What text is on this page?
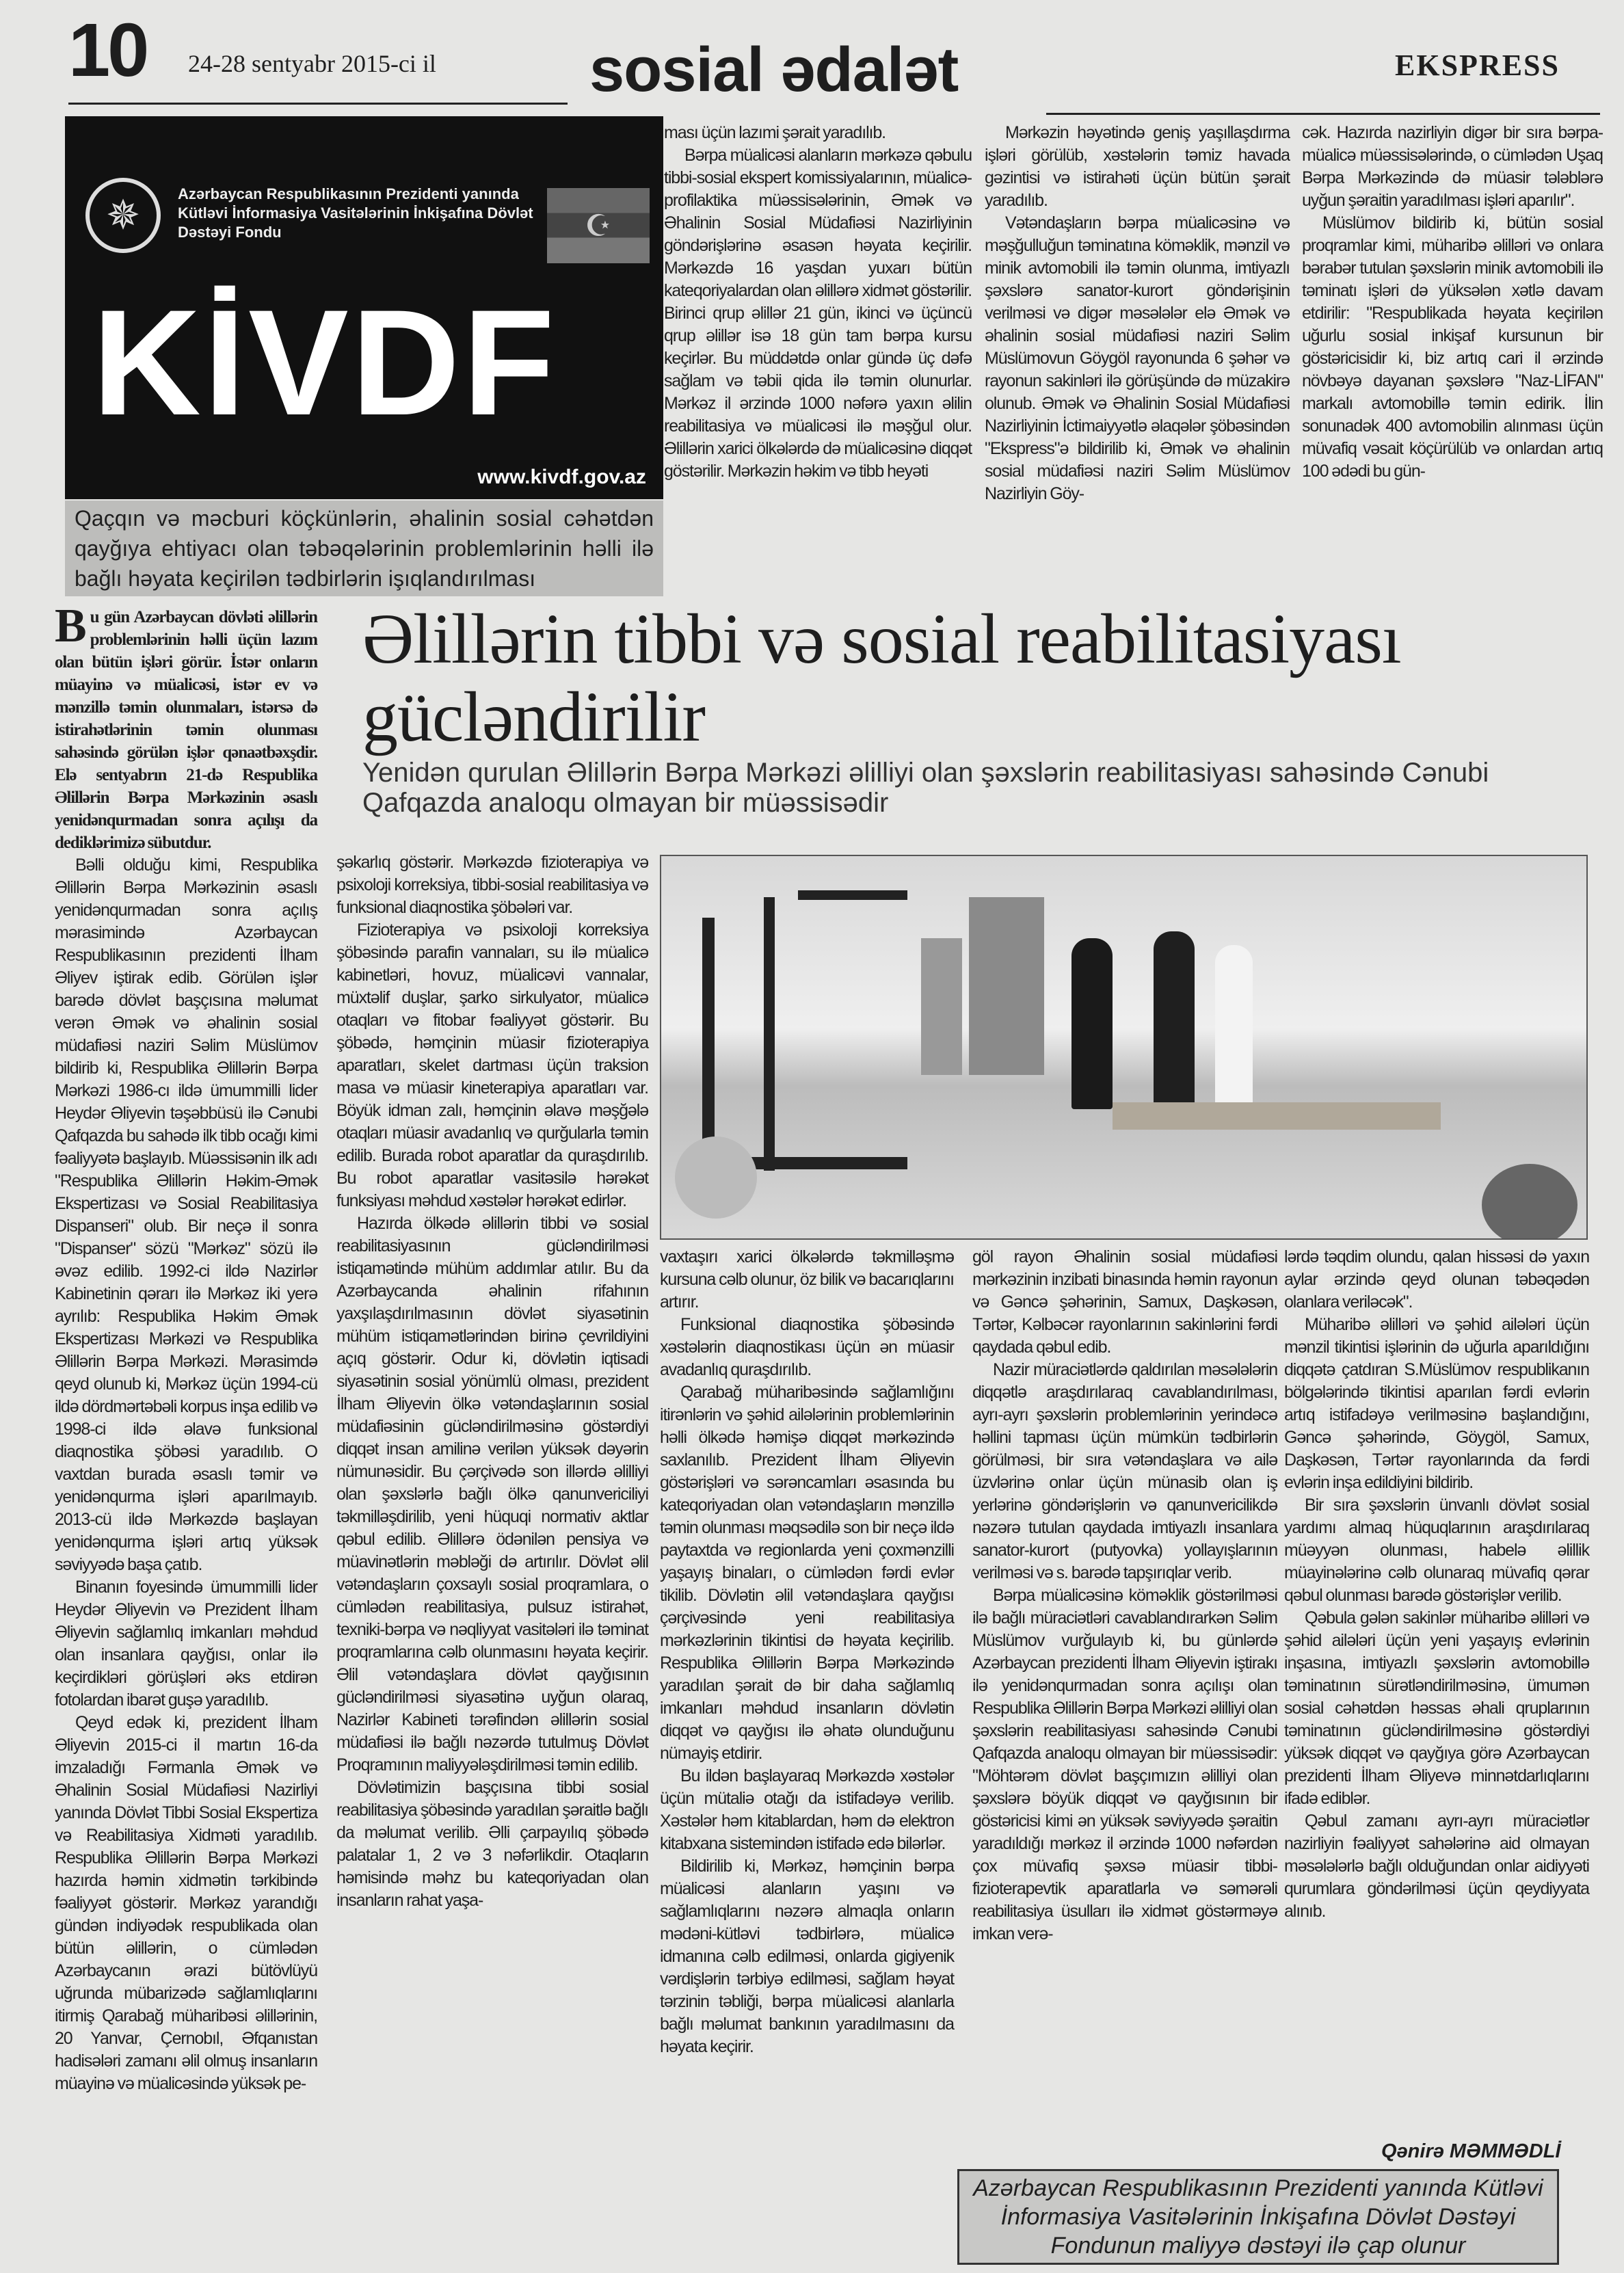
10 24-28 sentyabr 2015-ci il sosial ədalət	EKSPRESS
✵	Azərbaycan Respublikasının Prezidenti yanında Kütləvi İnformasiya Vasitələrinin İnkişafına Dövlət Dəstəyi Fondu	☪
KİVDF
www.kivdf.gov.az
Qaçqın və məcburi köçkünlərin, əhalinin sosial cəhətdən qayğıya ehtiyacı olan təbəqələrinin problemlərinin həlli ilə bağlı həyata keçirilən tədbirlərin işıqlandırılması

ması üçün lazımi şərait yaradılıb.

Bərpa müalicəsi alanların mərkəzə qəbulu tibbi-sosial ekspert komissiyalarının, müalicə-profilaktika müəssisələrinin, Əmək və Əhalinin Sosial Müdafiəsi Nazirliyinin göndərişlərinə əsasən həyata keçirilir. Mərkəzdə 16 yaşdan yuxarı bütün kateqoriyalardan olan əlillərə xidmət göstərilir. Birinci qrup əlillər 21 gün, ikinci və üçüncü qrup əlillər isə 18 gün tam bərpa kursu keçirlər. Bu müddətdə onlar gündə üç dəfə sağlam və təbii qida ilə təmin olunurlar. Mərkəz il ərzində 1000 nəfərə yaxın əlilin reabilitasiya və müalicəsi ilə məşğul olur. Əlillərin xarici ölkələrdə də müalicəsinə diqqət göstərilir. Mərkəzin həkim və tibb heyəti

Mərkəzin həyətində geniş yaşıllaşdırma işləri görülüb, xəstələrin təmiz havada gəzintisi və istirahəti üçün bütün şərait yaradılıb.

Vətəndaşların bərpa müalicəsinə və məşğulluğun təminatına köməklik, mənzil və minik avtomobili ilə təmin olunma, imtiyazlı şəxslərə sanator-kurort göndərişinin verilməsi və digər məsələlər elə Əmək və əhalinin sosial müdafiəsi naziri Səlim Müslümovun Göygöl rayonunda 6 şəhər və rayonun sakinləri ilə görüşündə də müzakirə olunub. Əmək və Əhalinin Sosial Müdafiəsi Nazirliyinin İctimaiyyətlə əlaqələr şöbəsindən "Ekspress"ə bildirilib ki, Əmək və əhalinin sosial müdafiəsi naziri Səlim Müslümov Nazirliyin Göy-

cək. Hazırda nazirliyin digər bir sıra bərpa-müalicə müəssisələrində, o cümlədən Uşaq Bərpa Mərkəzində də müasir tələblərə uyğun şəraitin yaradılması işləri aparılır".

Müslümov bildirib ki, bütün sosial proqramlar kimi, müharibə əlilləri və onlara bərabər tutulan şəxslərin minik avtomobili ilə təminatı işləri də yüksələn xətlə davam etdirilir: "Respublikada həyata keçirilən uğurlu sosial inkişaf kursunun bir göstəricisidir ki, biz artıq cari il ərzində növbəyə dayanan şəxslərə "Naz-LİFAN" markalı avtomobillə təmin edirik. İlin sonunadək 400 avtomobilin alınması üçün müvafiq vəsait köçürülüb və onlardan artıq 100 ədədi bu gün-

Əlillərin tibbi və sosial reabilitasiyası gücləndirilir
Yenidən qurulan Əlillərin Bərpa Mərkəzi əlilliyi olan şəxslərin reabilitasiyası sahəsində Cənubi Qafqazda analoqu olmayan bir müəssisədir

Bu gün Azərbaycan dövləti əlillərin problemlərinin həlli üçün lazım olan bütün işləri görür. İstər onların müayinə və müalicəsi, istər ev və mənzillə təmin olunmaları, istərsə də istirahətlərinin təmin olunması sahəsində görülən işlər qənaətbəxşdir. Elə sentyabrın 21-də Respublika Əlillərin Bərpa Mərkəzinin əsaslı yenidənqurmadan sonra açılışı da dediklərimizə sübutdur.

Bəlli olduğu kimi, Respublika Əlillərin Bərpa Mərkəzinin əsaslı yenidənqurmadan sonra açılış mərasimində Azərbaycan Respublikasının prezidenti İlham Əliyev iştirak edib. Görülən işlər barədə dövlət başçısına məlumat verən Əmək və əhalinin sosial müdafiəsi naziri Səlim Müslümov bildirib ki, Respublika Əlillərin Bərpa Mərkəzi 1986-cı ildə ümummilli lider Heydər Əliyevin təşəbbüsü ilə Cənubi Qafqazda bu sahədə ilk tibb ocağı kimi fəaliyyətə başlayıb. Müəssisənin ilk adı "Respublika Əlillərin Həkim-Əmək Ekspertizası və Sosial Reabilitasiya Dispanseri" olub. Bir neçə il sonra "Dispanser" sözü "Mərkəz" sözü ilə əvəz edilib. 1992-ci ildə Nazirlər Kabinetinin qərarı ilə Mərkəz iki yerə ayrılıb: Respublika Həkim Əmək Ekspertizası Mərkəzi və Respublika Əlillərin Bərpa Mərkəzi. Mərasimdə qeyd olunub ki, Mərkəz üçün 1994-cü ildə dördmərtəbəli korpus inşa edilib və 1998-ci ildə əlavə funksional diaqnostika şöbəsi yaradılıb. O vaxtdan burada əsaslı təmir və yenidənqurma işləri aparılmayıb. 2013-cü ildə Mərkəzdə başlayan yenidənqurma işləri artıq yüksək səviyyədə başa çatıb.

Binanın foyesində ümummilli lider Heydər Əliyevin və Prezident İlham Əliyevin sağlamlıq imkanları məhdud olan insanlara qayğısı, onlar ilə keçirdikləri görüşləri əks etdirən fotolardan ibarət guşə yaradılıb.

Qeyd edək ki, prezident İlham Əliyevin 2015-ci il martın 16-da imzaladığı Fərmanla Əmək və Əhalinin Sosial Müdafiəsi Nazirliyi yanında Dövlət Tibbi Sosial Ekspertiza və Reabilitasiya Xidməti yaradılıb. Respublika Əlillərin Bərpa Mərkəzi hazırda həmin xidmətin tərkibində fəaliyyət göstərir. Mərkəz yarandığı gündən indiyədək respublikada olan bütün əlillərin, o cümlədən Azərbaycanın ərazi bütövlüyü uğrunda mübarizədə sağlamlıqlarını itirmiş Qarabağ müharibəsi əlillərinin, 20 Yanvar, Çernobıl, Əfqanıstan hadisələri zamanı əlil olmuş insanların müayinə və müalicəsində yüksək pe-

şəkarlıq göstərir. Mərkəzdə fizioterapiya və psixoloji korreksiya, tibbi-sosial reabilitasiya və funksional diaqnostika şöbələri var.

Fizioterapiya və psixoloji korreksiya şöbəsində parafin vannaları, su ilə müalicə kabinetləri, hovuz, müalicəvi vannalar, müxtəlif duşlar, şarko sirkulyator, müalicə otaqları və fitobar fəaliyyət göstərir. Bu şöbədə, həmçinin müasir fizioterapiya aparatları, skelet dartması üçün traksion masa və müasir kineterapiya aparatları var. Böyük idman zalı, həmçinin əlavə məşğələ otaqları müasir avadanlıq və qurğularla təmin edilib. Burada robot aparatlar da quraşdırılıb. Bu robot aparatlar vasitəsilə hərəkət funksiyası məhdud xəstələr hərəkət edirlər.

Hazırda ölkədə əlillərin tibbi və sosial reabilitasiyasının gücləndirilməsi istiqamətində mühüm addımlar atılır. Bu da Azərbaycanda əhalinin rifahının yaxşılaşdırılmasının dövlət siyasətinin mühüm istiqamətlərindən birinə çevrildiyini açıq göstərir. Odur ki, dövlətin iqtisadi siyasətinin sosial yönümlü olması, prezident İlham Əliyevin ölkə vətəndaşlarının sosial müdafiəsinin gücləndirilməsinə göstərdiyi diqqət insan amilinə verilən yüksək dəyərin nümunəsidir. Bu çərçivədə son illərdə əlilliyi olan şəxslərlə bağlı ölkə qanunvericiliyi təkmilləşdirilib, yeni hüquqi normativ aktlar qəbul edilib. Əlillərə ödənilən pensiya və müavinətlərin məbləği də artırılır. Dövlət əlil vətəndaşların çoxsaylı sosial proqramlara, o cümlədən reabilitasiya, pulsuz istirahət, texniki-bərpa və nəqliyyat vasitələri ilə təminat proqramlarına cəlb olunmasını həyata keçirir. Əlil vətəndaşlara dövlət qayğısının gücləndirilməsi siyasətinə uyğun olaraq, Nazirlər Kabineti tərəfindən əlillərin sosial müdafiəsi ilə bağlı nəzərdə tutulmuş Dövlət Proqramının maliyyələşdirilməsi təmin edilib.

Dövlətimizin başçısına tibbi sosial reabilitasiya şöbəsində yaradılan şəraitlə bağlı da məlumat verilib. Əlli çarpayılıq şöbədə palatalar 1, 2 və 3 nəfərlikdir. Otaqların həmisində məhz bu kateqoriyadan olan insanların rahat yaşa-

vaxtaşırı xarici ölkələrdə təkmilləşmə kursuna cəlb olunur, öz bilik və bacarıqlarını artırır.

Funksional diaqnostika şöbəsində xəstələrin diaqnostikası üçün ən müasir avadanlıq quraşdırılıb.

Qarabağ müharibəsində sağlamlığını itirənlərin və şəhid ailələrinin problemlərinin həlli ölkədə həmişə diqqət mərkəzində saxlanılıb. Prezident İlham Əliyevin göstərişləri və sərəncamları əsasında bu kateqoriyadan olan vətəndaşların mənzillə təmin olunması məqsədilə son bir neçə ildə paytaxtda və regionlarda yeni çoxmənzilli yaşayış binaları, o cümlədən fərdi evlər tikilib. Dövlətin əlil vətəndaşlara qayğısı çərçivəsində yeni reabilitasiya mərkəzlərinin tikintisi də həyata keçirilib. Respublika Əlillərin Bərpa Mərkəzində yaradılan şərait də bir daha sağlamlıq imkanları məhdud insanların dövlətin diqqət və qayğısı ilə əhatə olunduğunu nümayiş etdirir.

Bu ildən başlayaraq Mərkəzdə xəstələr üçün mütaliə otağı da istifadəyə verilib. Xəstələr həm kitablardan, həm də elektron kitabxana sistemindən istifadə edə bilərlər.

Bildirilib ki, Mərkəz, həmçinin bərpa müalicəsi alanların yaşını və sağlamlıqlarını nəzərə almaqla onların mədəni-kütləvi tədbirlərə, müalicə idmanına cəlb edilməsi, onlarda gigiyenik vərdişlərin tərbiyə edilməsi, sağlam həyat tərzinin təbliği, bərpa müalicəsi alanlarla bağlı məlumat bankının yaradılmasını da həyata keçirir.

göl rayon Əhalinin sosial müdafiəsi mərkəzinin inzibati binasında həmin rayonun və Gəncə şəhərinin, Samux, Daşkəsən, Tərtər, Kəlbəcər rayonlarının sakinlərini fərdi qaydada qəbul edib.

Nazir müraciətlərdə qaldırılan məsələlərin diqqətlə araşdırılaraq cavablandırılması, ayrı-ayrı şəxslərin problemlərinin yerindəcə həllini tapması üçün mümkün tədbirlərin görülməsi, bir sıra vətəndaşlara və ailə üzvlərinə onlar üçün münasib olan iş yerlərinə göndərişlərin və qanunvericilikdə nəzərə tutulan qaydada imtiyazlı insanlara sanator-kurort (putyovka) yollayışlarının verilməsi və s. barədə tapşırıqlar verib.

Bərpa müalicəsinə köməklik göstərilməsi ilə bağlı müraciətləri cavablandırarkən Səlim Müslümov vurğulayıb ki, bu günlərdə Azərbaycan prezidenti İlham Əliyevin iştirakı ilə yenidənqurmadan sonra açılışı olan Respublika Əlillərin Bərpa Mərkəzi əlilliyi olan şəxslərin reabilitasiyası sahəsində Cənubi Qafqazda analoqu olmayan bir müəssisədir: "Möhtərəm dövlət başçımızın əlilliyi olan şəxslərə böyük diqqət və qayğısının bir göstəricisi kimi ən yüksək səviyyədə şəraitin yaradıldığı mərkəz il ərzində 1000 nəfərdən çox müvafiq şəxsə müasir tibbi-fizioterapevtik aparatlarla və səmərəli reabilitasiya üsulları ilə xidmət göstərməyə imkan verə-

lərdə təqdim olundu, qalan hissəsi də yaxın aylar ərzində qeyd olunan təbəqədən olanlara veriləcək".

Müharibə əlilləri və şəhid ailələri üçün mənzil tikintisi işlərinin də uğurla aparıldığını diqqətə çatdıran S.Müslümov respublikanın bölgələrində tikintisi aparılan fərdi evlərin artıq istifadəyə verilməsinə başlandığını, Gəncə şəhərində, Göygöl, Samux, Daşkəsən, Tərtər rayonlarında da fərdi evlərin inşa edildiyini bildirib.

Bir sıra şəxslərin ünvanlı dövlət sosial yardımı almaq hüquqlarının araşdırılaraq müəyyən olunması, habelə əlillik müayinələrinə cəlb olunaraq müvafiq qərar qəbul olunması barədə göstərişlər verilib.

Qəbula gələn sakinlər müharibə əlilləri və şəhid ailələri üçün yeni yaşayış evlərinin inşasına, imtiyazlı şəxslərin avtomobillə təminatının sürətləndirilməsinə, ümumən sosial cəhətdən həssas əhali qruplarının təminatının gücləndirilməsinə göstərdiyi yüksək diqqət və qayğıya görə Azərbaycan prezidenti İlham Əliyevə minnətdarlıqlarını ifadə ediblər.

Qəbul zamanı ayrı-ayrı müraciətlər nazirliyin fəaliyyət sahələrinə aid olmayan məsələlərlə bağlı olduğundan onlar aidiyyəti qurumlara göndərilməsi üçün qeydiyyata alınıb.

Qənirə MƏMMƏDLİ
Azərbaycan Respublikasının Prezidenti yanında Kütləvi İnformasiya Vasitələrinin İnkişafına Dövlət Dəstəyi Fondunun maliyyə dəstəyi ilə çap olunur
